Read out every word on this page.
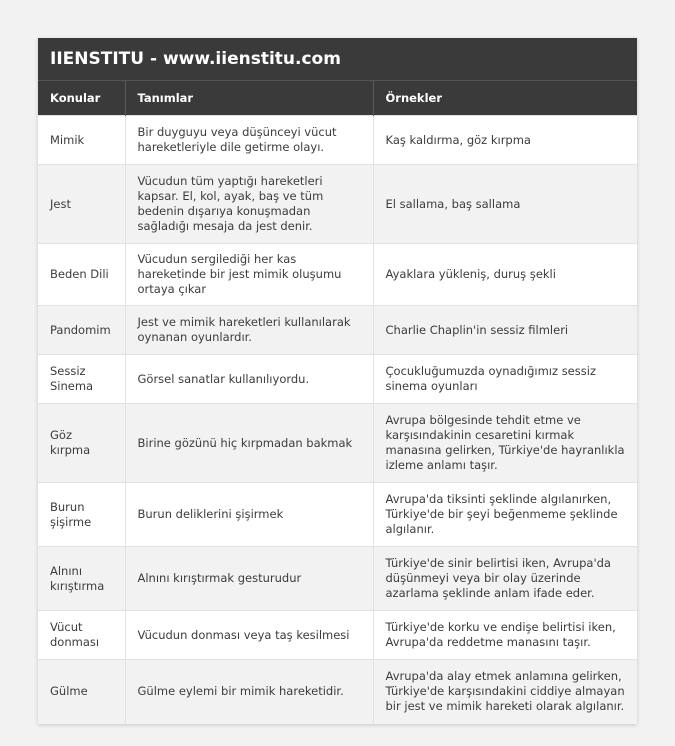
IIENSTITU - www.iienstitu.com
Konular	Tanımlar	Örnekler
Mimik	Bir duyguyu veya düşünceyi vücut hareketleriyle dile getirme olayı.	Kaş kaldırma, göz kırpma
Jest	Vücudun tüm yaptığı hareketleri kapsar. El, kol, ayak, baş ve tüm bedenin dışarıya konuşmadan sağladığı mesaja da jest denir.	El sallama, baş sallama
Beden Dili	Vücudun sergilediği her kas hareketinde bir jest mimik oluşumu ortaya çıkar	Ayaklara yükleniş, duruş şekli
Pandomim	Jest ve mimik hareketleri kullanılarak oynanan oyunlardır.	Charlie Chaplin'in sessiz filmleri
Sessiz Sinema	Görsel sanatlar kullanılıyordu.	Çocukluğumuzda oynadığımız sessiz sinema oyunları
Göz kırpma	Birine gözünü hiç kırpmadan bakmak	Avrupa bölgesinde tehdit etme ve karşısındakinin cesaretini kırmak manasına gelirken, Türkiye'de hayranlıkla izleme anlamı taşır.
Burun şişirme	Burun deliklerini şişirmek	Avrupa'da tiksinti şeklinde algılanırken, Türkiye'de bir şeyi beğenmeme şeklinde algılanır.
Alnını kırıştırma	Alnını kırıştırmak gesturudur	Türkiye'de sinir belirtisi iken, Avrupa'da düşünmeyi veya bir olay üzerinde azarlama şeklinde anlam ifade eder.
Vücut donması	Vücudun donması veya taş kesilmesi	Türkiye'de korku ve endişe belirtisi iken, Avrupa'da reddetme manasını taşır.
Gülme	Gülme eylemi bir mimik hareketidir.	Avrupa'da alay etmek anlamına gelirken, Türkiye'de karşısındakini ciddiye almayan bir jest ve mimik hareketi olarak algılanır.
